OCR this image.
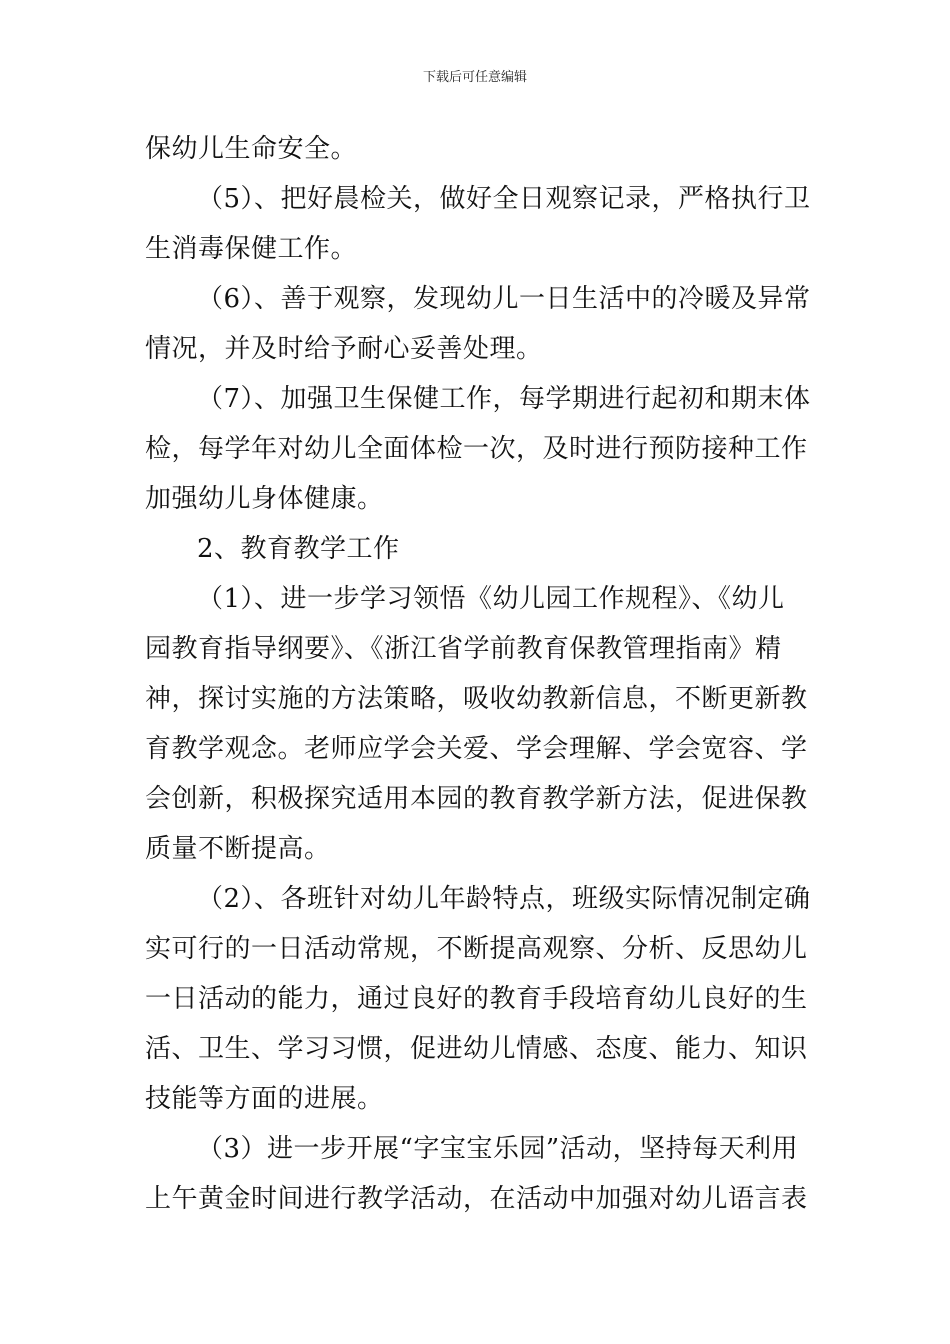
下载后可任意编辑
保幼儿生命安全。
（5）、把好晨检关，做好全日观察记录，严格执行卫
生消毒保健工作。
（6）、善于观察，发现幼儿一日生活中的冷暖及异常
情况，并及时给予耐心妥善处理。
（7）、加强卫生保健工作，每学期进行起初和期末体
检，每学年对幼儿全面体检一次，及时进行预防接种工作
加强幼儿身体健康。
2、教育教学工作
（1）、进一步学习领悟《幼儿园工作规程》、《幼儿
园教育指导纲要》、《浙江省学前教育保教管理指南》精
神，探讨实施的方法策略，吸收幼教新信息，不断更新教
育教学观念。老师应学会关爱、学会理解、学会宽容、学
会创新，积极探究适用本园的教育教学新方法，促进保教
质量不断提高。
（2）、各班针对幼儿年龄特点，班级实际情况制定确
实可行的一日活动常规，不断提高观察、分析、反思幼儿
一日活动的能力，通过良好的教育手段培育幼儿良好的生
活、卫生、学习习惯，促进幼儿情感、态度、能力、知识
技能等方面的进展。
（3）进一步开展“字宝宝乐园”活动，坚持每天利用
上午黄金时间进行教学活动，在活动中加强对幼儿语言表
